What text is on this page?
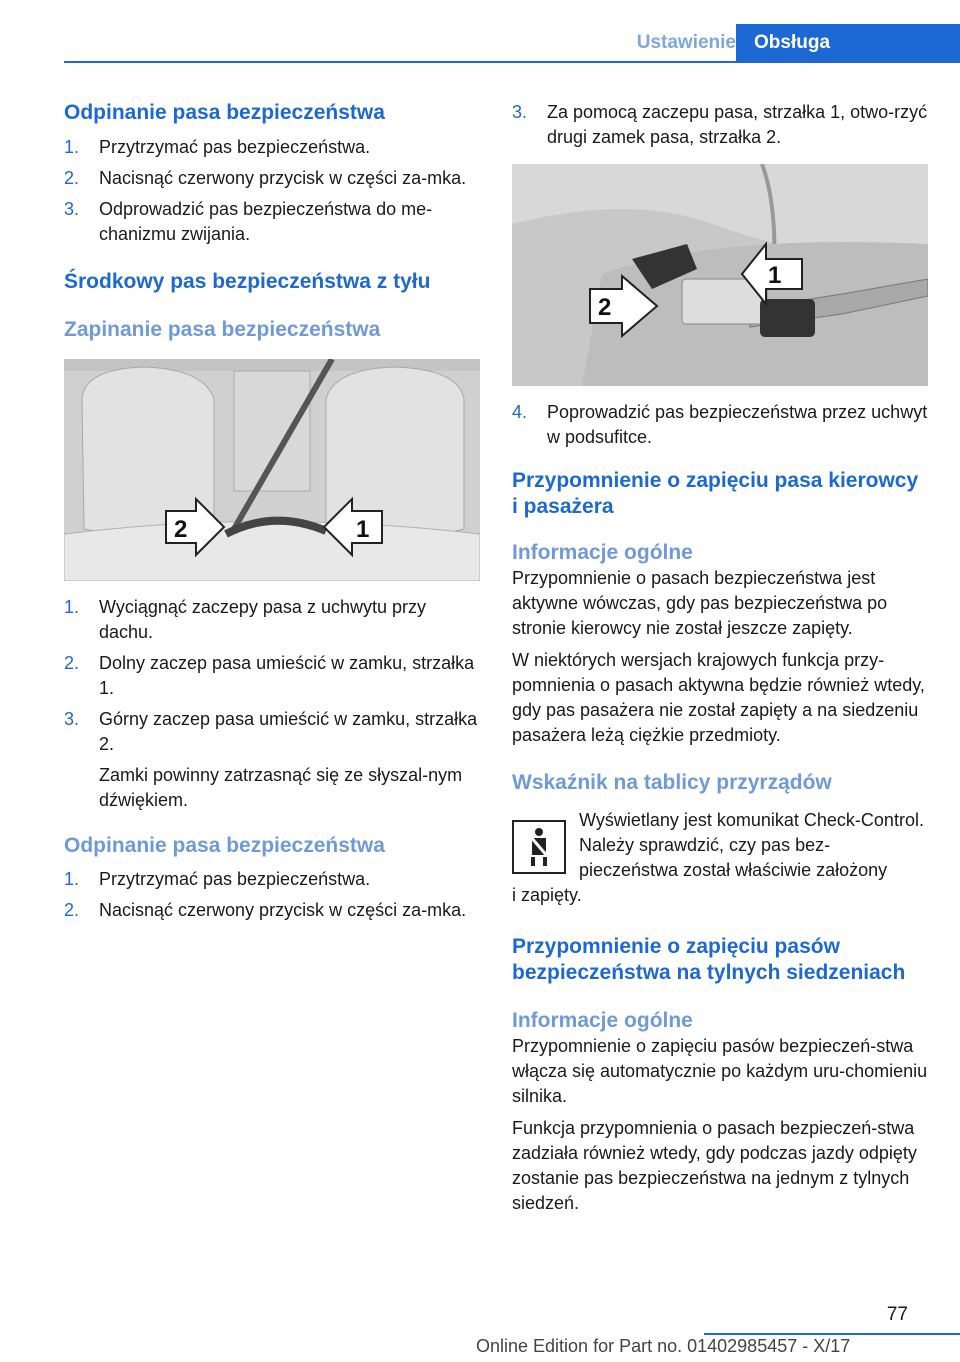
Ustawienie Obsługa
Odpinanie pasa bezpieczeństwa
1. Przytrzymać pas bezpieczeństwa.
2. Nacisnąć czerwony przycisk w części za‐mka.
3. Odprowadzić pas bezpieczeństwa do me‐chanizmu zwijania.
Środkowy pas bezpieczeństwa z tyłu
Zapinanie pasa bezpieczeństwa
2	1
1. Wyciągnąć zaczepy pasa z uchwytu przy dachu.
2. Dolny zaczep pasa umieścić w zamku, strzałka 1.
3. Górny zaczep pasa umieścić w zamku, strzałka 2.
Zamki powinny zatrzasnąć się ze słyszal‐nym dźwiękiem.
Odpinanie pasa bezpieczeństwa
1. Przytrzymać pas bezpieczeństwa.
2. Nacisnąć czerwony przycisk w części za‐mka.
3. Za pomocą zaczepu pasa, strzałka 1, otwo‐rzyć drugi zamek pasa, strzałka 2.
2
1
4. Poprowadzić pas bezpieczeństwa przez uchwyt w podsufitce.
Przypomnienie o zapięciu pasa kierowcy i pasażera
Informacje ogólne

Przypomnienie o pasach bezpieczeństwa jest aktywne wówczas, gdy pas bezpieczeństwa po stronie kierowcy nie został jeszcze zapięty.

W niektórych wersjach krajowych funkcja przy‐pomnienia o pasach aktywna będzie również wtedy, gdy pas pasażera nie został zapięty a na siedzeniu pasażera leżą ciężkie przedmioty.

Wskaźnik na tablicy przyrządów

Wyświetlany jest komunikat Check-Control. Należy sprawdzić, czy pas bez‐pieczeństwa został właściwie założony

i zapięty.

Przypomnienie o zapięciu pasów bezpieczeństwa na tylnych siedzeniach
Informacje ogólne

Przypomnienie o zapięciu pasów bezpieczeń‐stwa włącza się automatycznie po każdym uru‐chomieniu silnika.

Funkcja przypomnienia o pasach bezpieczeń‐stwa zadziała również wtedy, gdy podczas jazdy odpięty zostanie pas bezpieczeństwa na jednym z tylnych siedzeń.

77
Online Edition for Part no. 01402985457 - X/17
